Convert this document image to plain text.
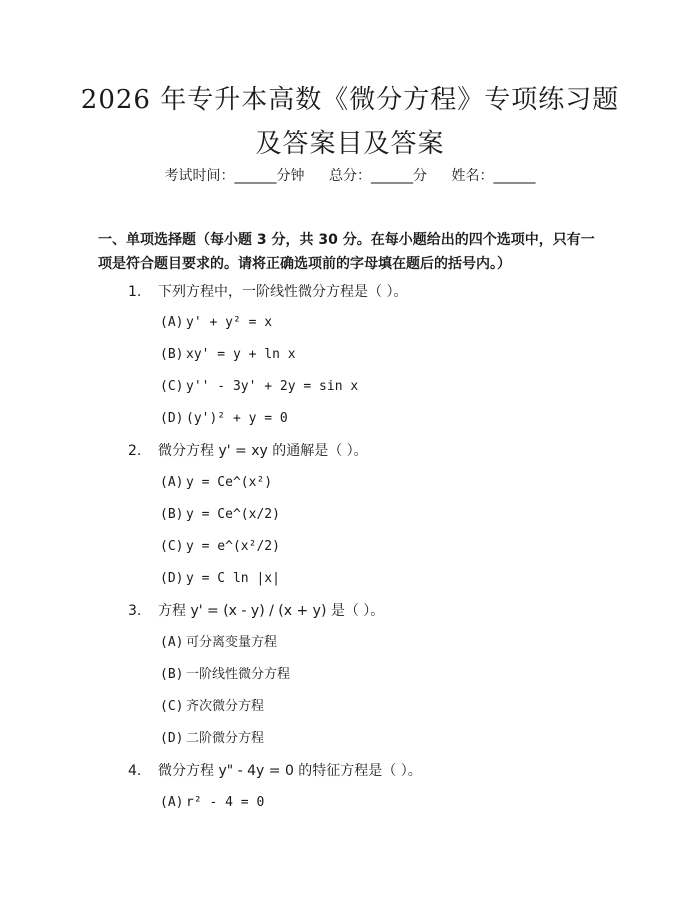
2026 年专升本高数《微分方程》专项练习题
及答案目及答案
考试时间：______分钟 总分：______分 姓名：______
一、单项选择题（每小题 3 分，共 30 分。在每小题给出的四个选项中，只有一项是符合题目要求的。请将正确选项前的字母填在题后的括号内。）
1. 下列方程中，一阶线性微分方程是（ ）。
(A) y' + y² = x
(B) xy' = y + ln x
(C) y'' - 3y' + 2y = sin x
(D) (y')² + y = 0
2. 微分方程 y' = xy 的通解是（ ）。
(A) y = Ce^(x²)
(B) y = Ce^(x/2)
(C) y = e^(x²/2)
(D) y = C ln |x|
3. 方程 y' = (x - y) / (x + y) 是（ ）。
(A) 可分离变量方程
(B) 一阶线性微分方程
(C) 齐次微分方程
(D) 二阶微分方程
4. 微分方程 y" - 4y = 0 的特征方程是（ ）。
(A) r² - 4 = 0
